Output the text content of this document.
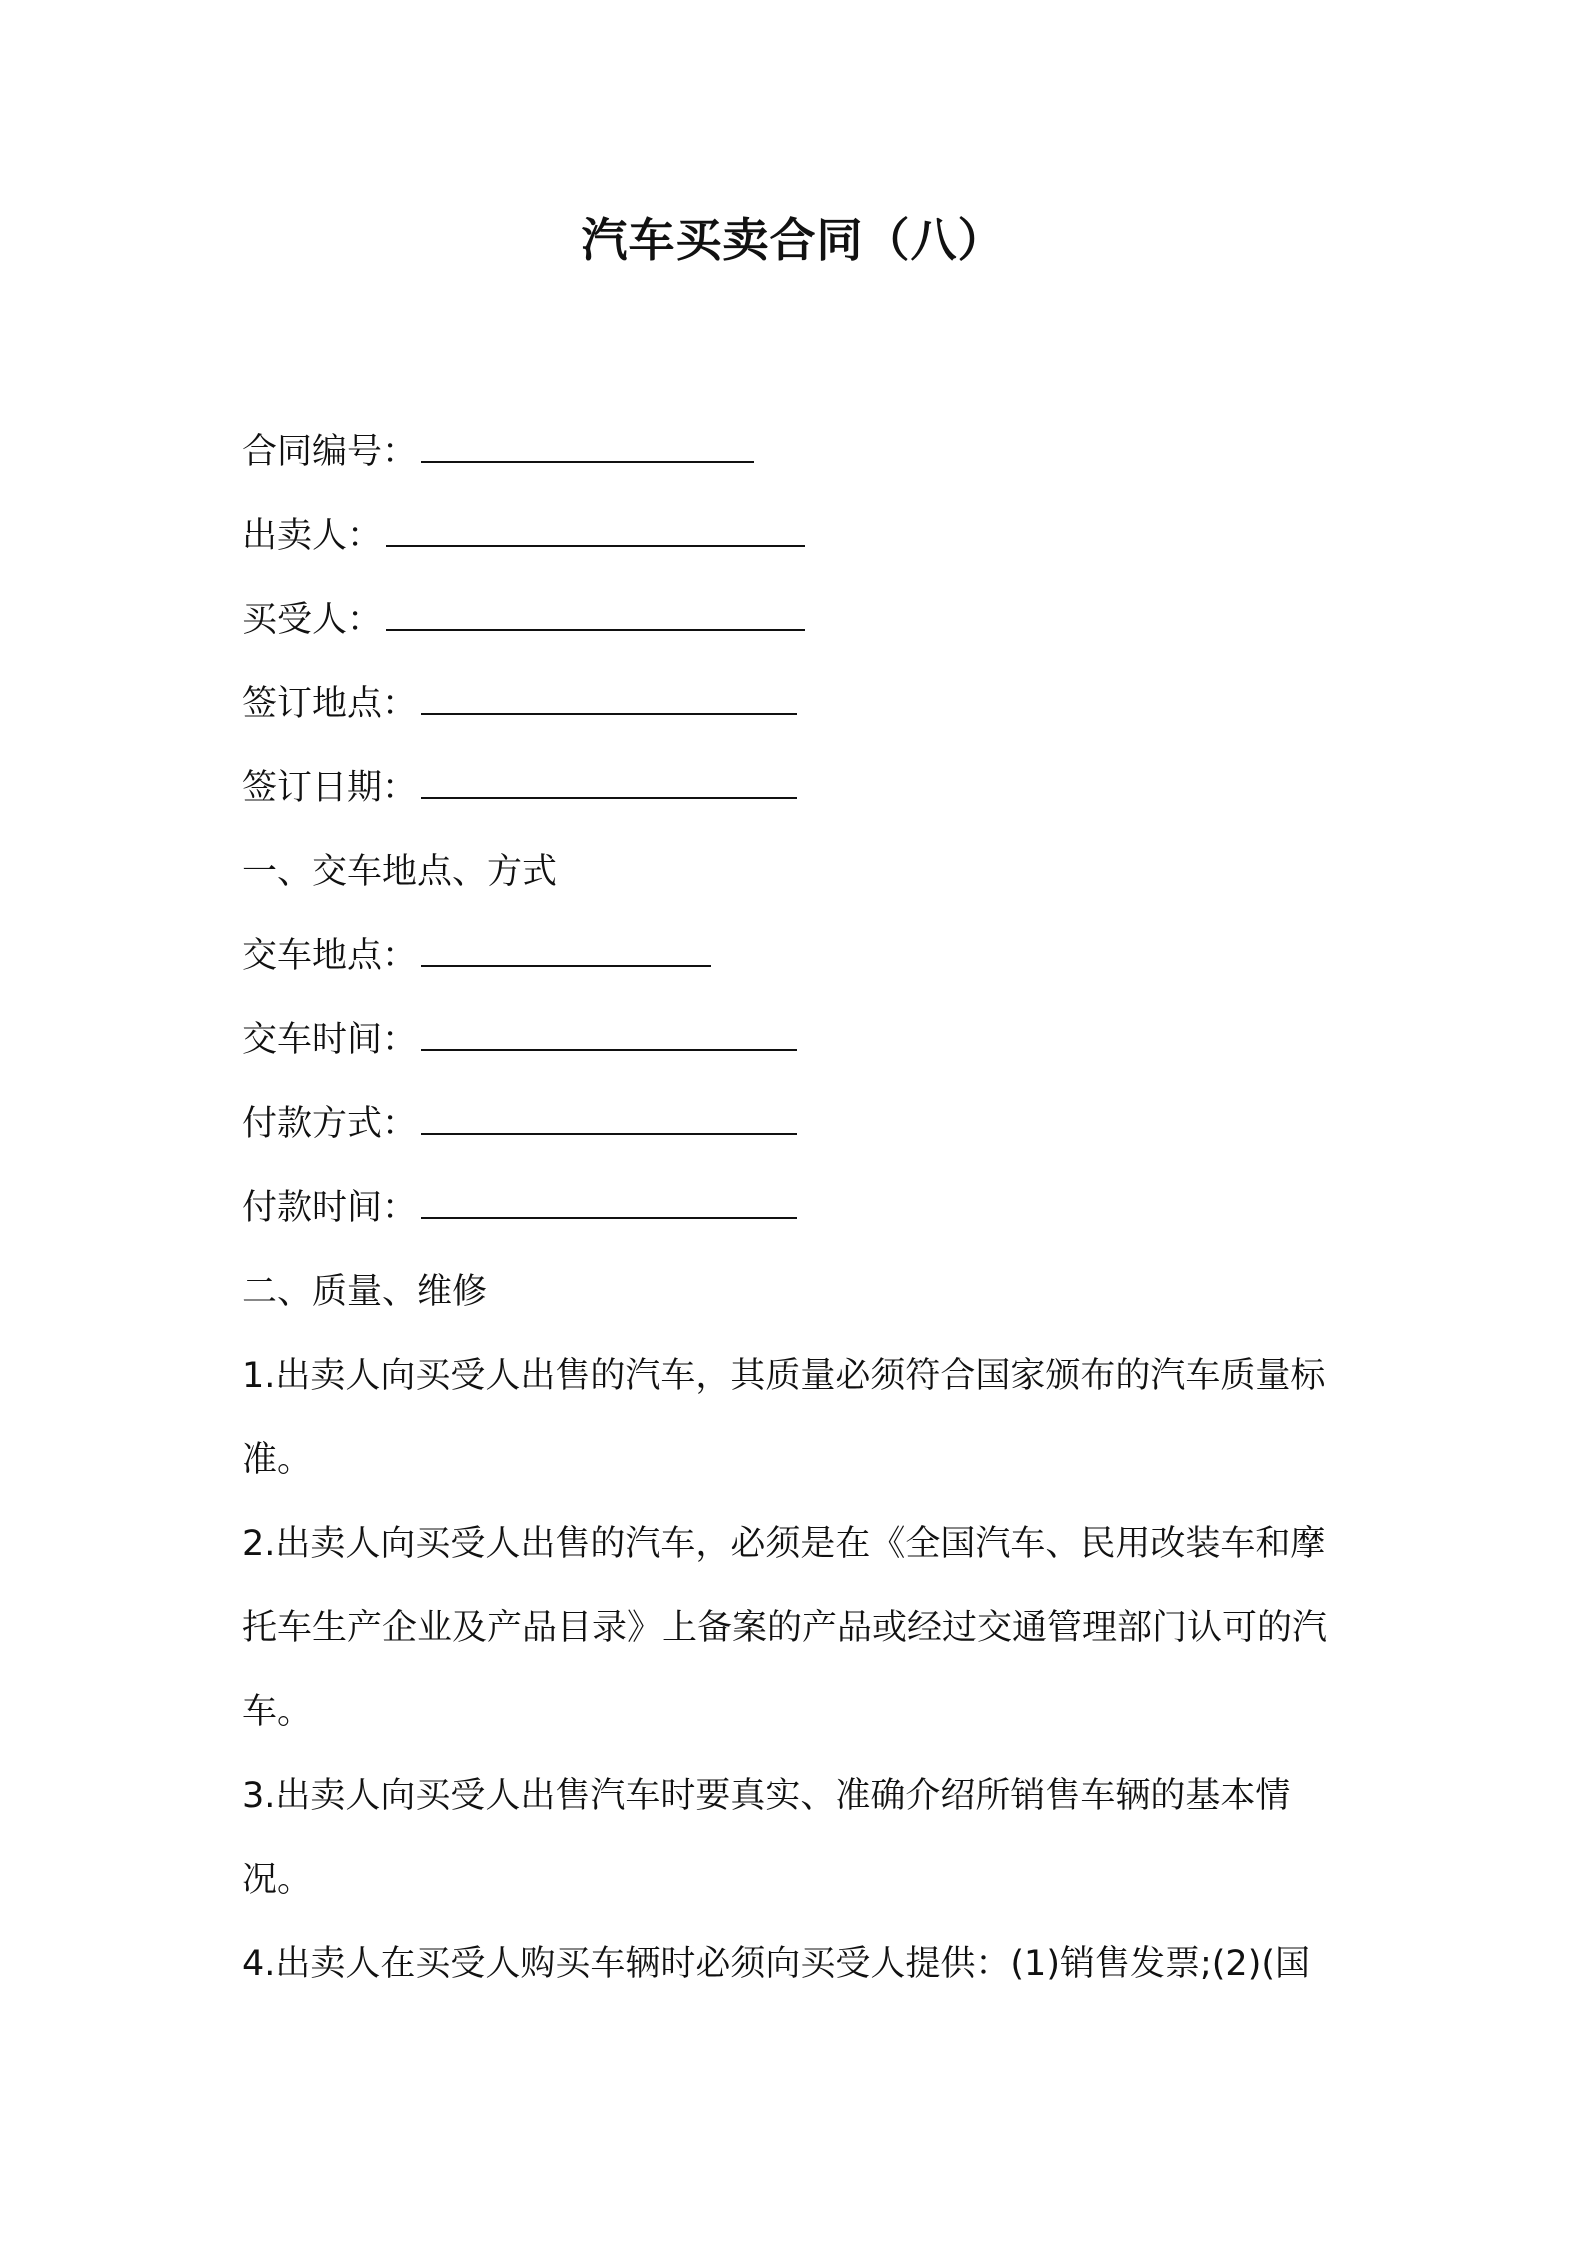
汽车买卖合同（八）
合同编号：
出卖人：
买受人：
签订地点：
签订日期：
一、交车地点、方式
交车地点：
交车时间：
付款方式：
付款时间：
二、质量、维修
1.出卖人向买受人出售的汽车，其质量必须符合国家颁布的汽车质量标准。
2.出卖人向买受人出售的汽车，必须是在《全国汽车、民用改装车和摩托车生产企业及产品目录》上备案的产品或经过交通管理部门认可的汽车。
3.出卖人向买受人出售汽车时要真实、准确介绍所销售车辆的基本情况。
4.出卖人在买受人购买车辆时必须向买受人提供：(1)销售发票;(2)(国
